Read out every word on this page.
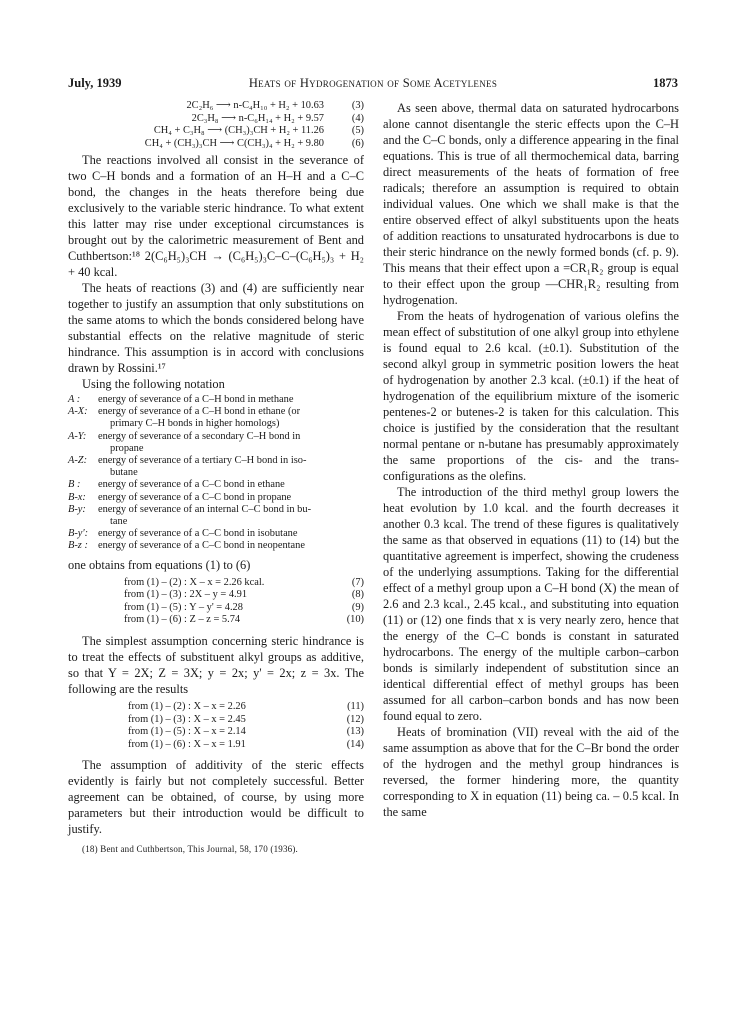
July, 1939	Heats of Hydrogenation of Some Acetylenes	1873
2C₂H₆ ⟶ n-C₄H₁₀ + H₂ + 10.63	(3)
2C₃H₈ ⟶ n-C₆H₁₄ + H₂ + 9.57	(4)
CH₄ + C₃H₈ ⟶ (CH₃)₃CH + H₂ + 11.26	(5)
CH₄ + (CH₃)₃CH ⟶ C(CH₃)₄ + H₂ + 9.80	(6)

The reactions involved all consist in the severance of two C–H bonds and a formation of an H–H and a C–C bond, the changes in the heats therefore being due exclusively to the variable steric hindrance. To what extent this latter may rise under exceptional circumstances is brought out by the calorimetric measurement of Bent and Cuthbertson:¹⁸ 2(C₆H₅)₃CH → (C₆H₅)₃C–C–(C₆H₅)₃ + H₂ + 40 kcal.

The heats of reactions (3) and (4) are sufficiently near together to justify an assumption that only substitutions on the same atoms to which the bonds considered belong have substantial effects on the relative magnitude of steric hindrance. This assumption is in accord with conclusions drawn by Rossini.¹⁷

Using the following notation

A :	energy of severance of a C–H bond in methane
A-X: energy of severance of a C–H bond in ethane (or
primary C–H bonds in higher homologs)
A-Y:	energy of severance of a secondary C–H bond in
propane
A-Z:	energy of severance of a tertiary C–H bond in iso-
butane
B :	energy of severance of a C–C bond in ethane
B-x:	energy of severance of a C–C bond in propane
B-y:	energy of severance of an internal C–C bond in bu-
tane
B-y': energy of severance of a C–C bond in isobutane
B-z : energy of severance of a C–C bond in neopentane

one obtains from equations (1) to (6)

from (1) – (2) : X – x = 2.26 kcal.	(7)
from (1) – (3) : 2X – y = 4.91	(8)
from (1) – (5) : Y – y' = 4.28	(9)
from (1) – (6) : Z – z = 5.74	(10)

The simplest assumption concerning steric hindrance is to treat the effects of substituent alkyl groups as additive, so that Y = 2X; Z = 3X; y = 2x; y' = 2x; z = 3x. The following are the results

from (1) – (2) : X – x = 2.26	(11)
from (1) – (3) : X – x = 2.45	(12)
from (1) – (5) : X – x = 2.14	(13)
from (1) – (6) : X – x = 1.91	(14)

The assumption of additivity of the steric effects evidently is fairly but not completely successful. Better agreement can be obtained, of course, by using more parameters but their introduction would be difficult to justify.

(18) Bent and Cuthbertson, This Journal, 58, 170 (1936).

As seen above, thermal data on saturated hydrocarbons alone cannot disentangle the steric effects upon the C–H and the C–C bonds, only a difference appearing in the final equations. This is true of all thermochemical data, barring direct measurements of the heats of formation of free radicals; therefore an assumption is required to obtain individual values. One which we shall make is that the entire observed effect of alkyl substituents upon the heats of addition reactions to unsaturated hydrocarbons is due to their steric hindrance on the newly formed bonds (cf. p. 9). This means that their effect upon a =CR₁R₂ group is equal to their effect upon the group —CHR₁R₂ resulting from hydrogenation.

From the heats of hydrogenation of various olefins the mean effect of substitution of one alkyl group into ethylene is found equal to 2.6 kcal. (±0.1). Substitution of the second alkyl group in symmetric position lowers the heat of hydrogenation by another 2.3 kcal. (±0.1) if the heat of hydrogenation of the equilibrium mixture of the isomeric pentenes-2 or butenes-2 is taken for this calculation. This choice is justified by the consideration that the resultant normal pentane or n-butane has presumably approximately the same proportions of the cis- and the trans-configurations as the olefins.

The introduction of the third methyl group lowers the heat evolution by 1.0 kcal. and the fourth decreases it another 0.3 kcal. The trend of these figures is qualitatively the same as that observed in equations (11) to (14) but the quantitative agreement is imperfect, showing the crudeness of the underlying assumptions. Taking for the differential effect of a methyl group upon a C–H bond (X) the mean of 2.6 and 2.3 kcal., 2.45 kcal., and substituting into equation (11) or (12) one finds that x is very nearly zero, hence that the energy of the C–C bonds is constant in saturated hydrocarbons. The energy of the multiple carbon–carbon bonds is similarly independent of substitution since an identical differential effect of methyl groups has been assumed for all carbon–carbon bonds and has now been found equal to zero.

Heats of bromination (VII) reveal with the aid of the same assumption as above that for the C–Br bond the order of the hydrogen and the methyl group hindrances is reversed, the former hindering more, the quantity corresponding to X in equation (11) being ca. – 0.5 kcal. In the same
